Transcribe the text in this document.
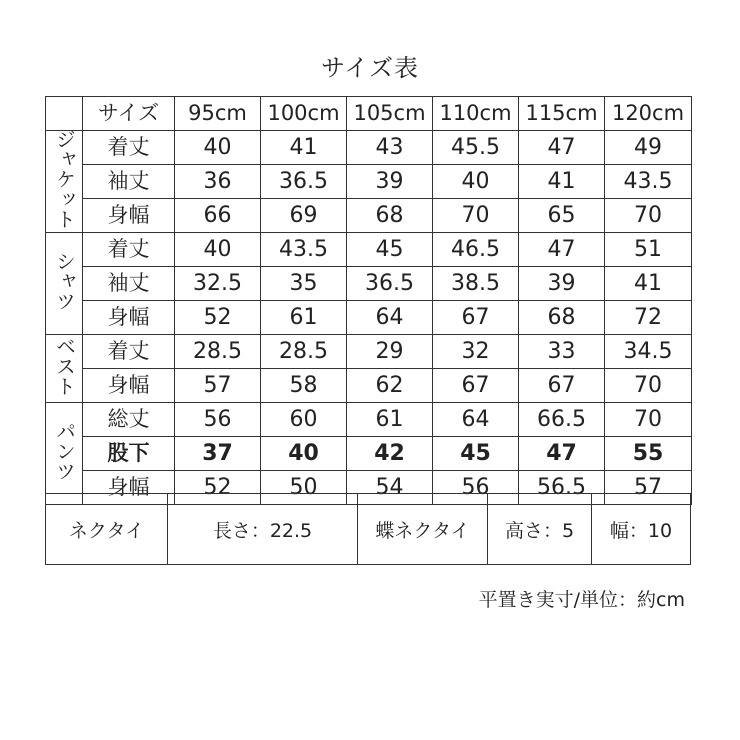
サイズ表
	サイズ	95cm	100cm	105cm	110cm	115cm	120cm
ジャケット	着丈	40	41	43	45.5	47	49
	袖丈	36	36.5	39	40	41	43.5
	身幅	66	69	68	70	65	70
シャツ	着丈	40	43.5	45	46.5	47	51
	袖丈	32.5	35	36.5	38.5	39	41
	身幅	52	61	64	67	68	72
ベスト	着丈	28.5	28.5	29	32	33	34.5
	身幅	57	58	62	67	67	70
パンツ	総丈	56	60	61	64	66.5	70
	股下	37	40	42	45	47	55
	身幅	52	50	54	56	56.5	57
ネクタイ	長さ：22.5	蝶ネクタイ	高さ：5	幅：10
平置き実寸/単位：約cm
